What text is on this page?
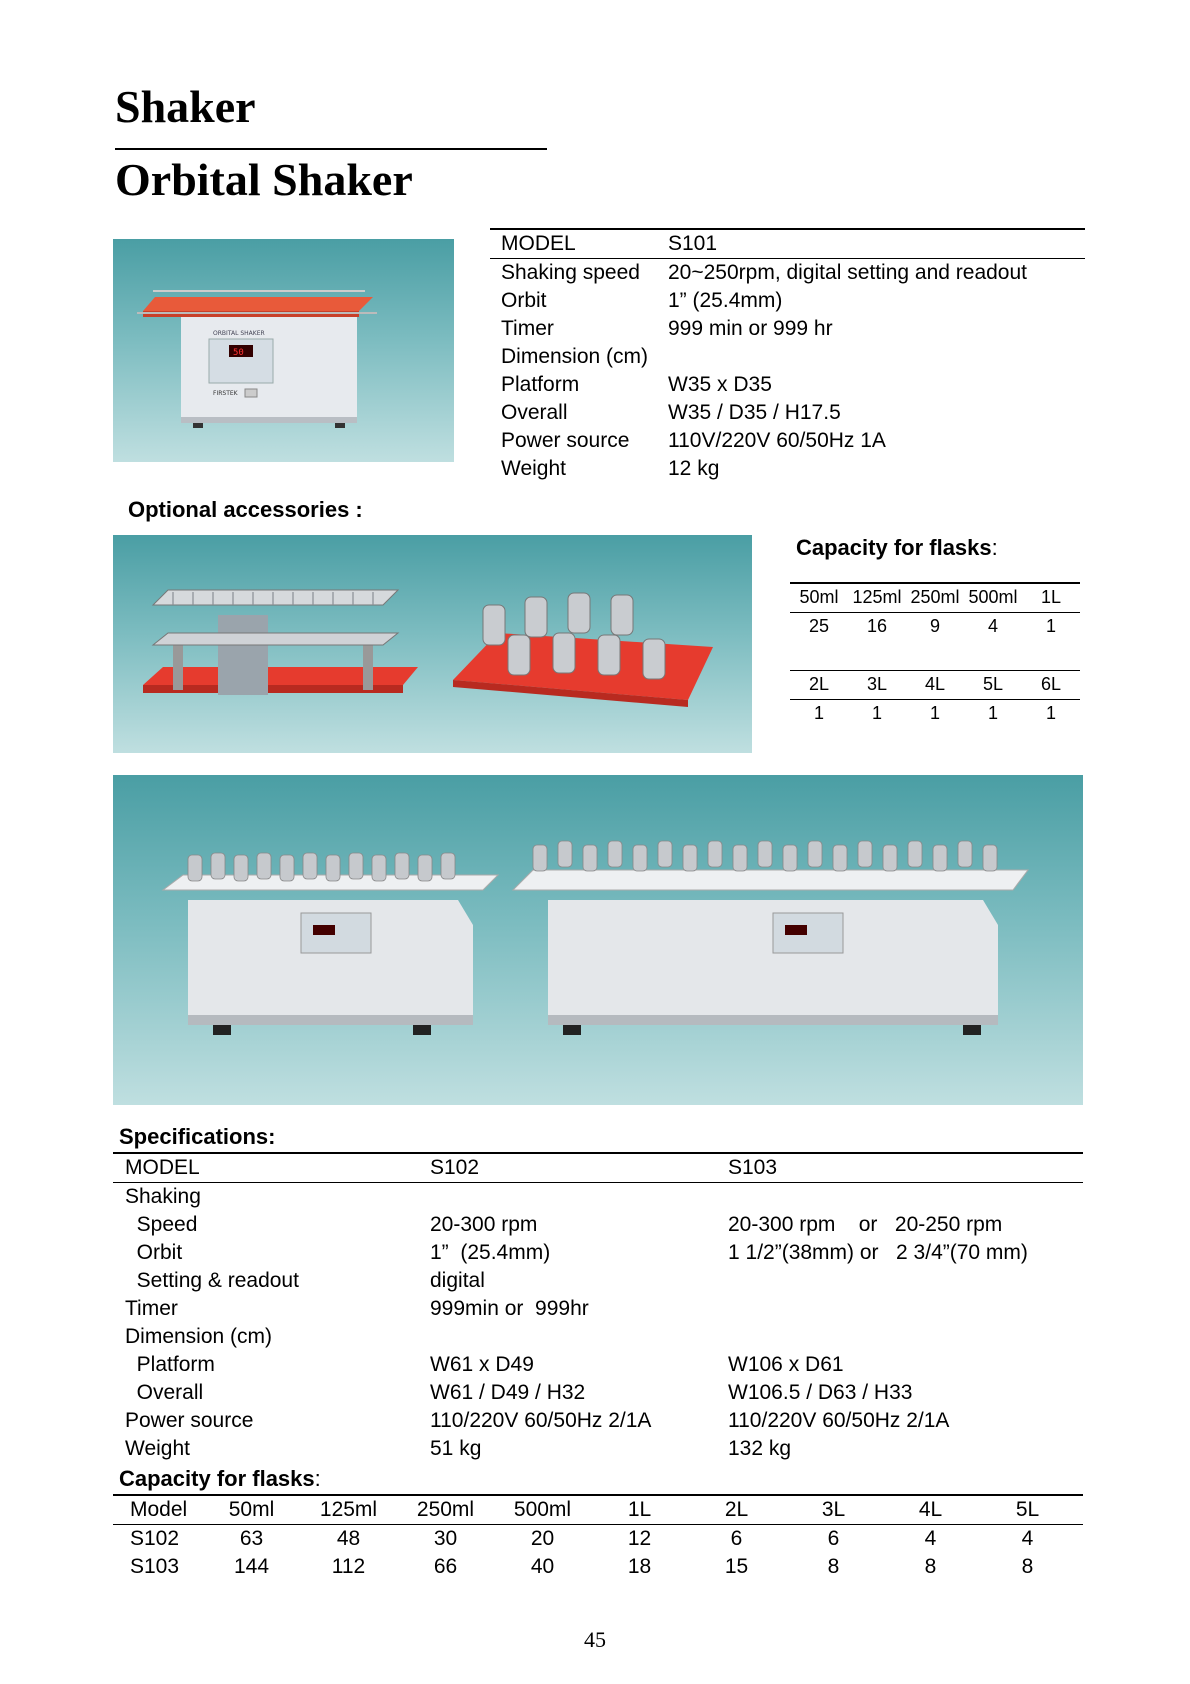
Shaker
Orbital Shaker
ORBITAL SHAKER
50
FIRSTEK
MODEL	S101
Shaking speed	20~250rpm, digital setting and readout
Orbit	1” (25.4mm)
Timer	999 min or 999 hr
Dimension (cm)
Platform	W35 x D35
Overall	W35 / D35 / H17.5
Power source	110V/220V 60/50Hz 1A
Weight	12 kg
Optional accessories :
Capacity for flasks:
50ml 125ml 250ml 500ml	1L
25	16	9	4	1
2L	3L	4L	5L	6L
1	1	1	1	1
Specifications:
MODEL	S102	S103
Shaking
Speed	20-300 rpm	20-300 rpm    or   20-250 rpm
Orbit	1”  (25.4mm)	1 1/2”(38mm) or   2 3/4”(70 mm)
Setting & readout	digital
Timer	999min or  999hr
Dimension (cm)
Platform	W61 x D49	W106 x D61
Overall	W61 / D49 / H32	W106.5 / D63 / H33
Power source	110/220V 60/50Hz 2/1A	110/220V 60/50Hz 2/1A
Weight	51 kg	132 kg
Capacity for flasks:
Model	50ml	125ml	250ml	500ml	1L	2L	3L	4L	5L
S102	63	48	30	20	12	6	6	4	4
S103	144	112	66	40	18	15	8	8	8
45
